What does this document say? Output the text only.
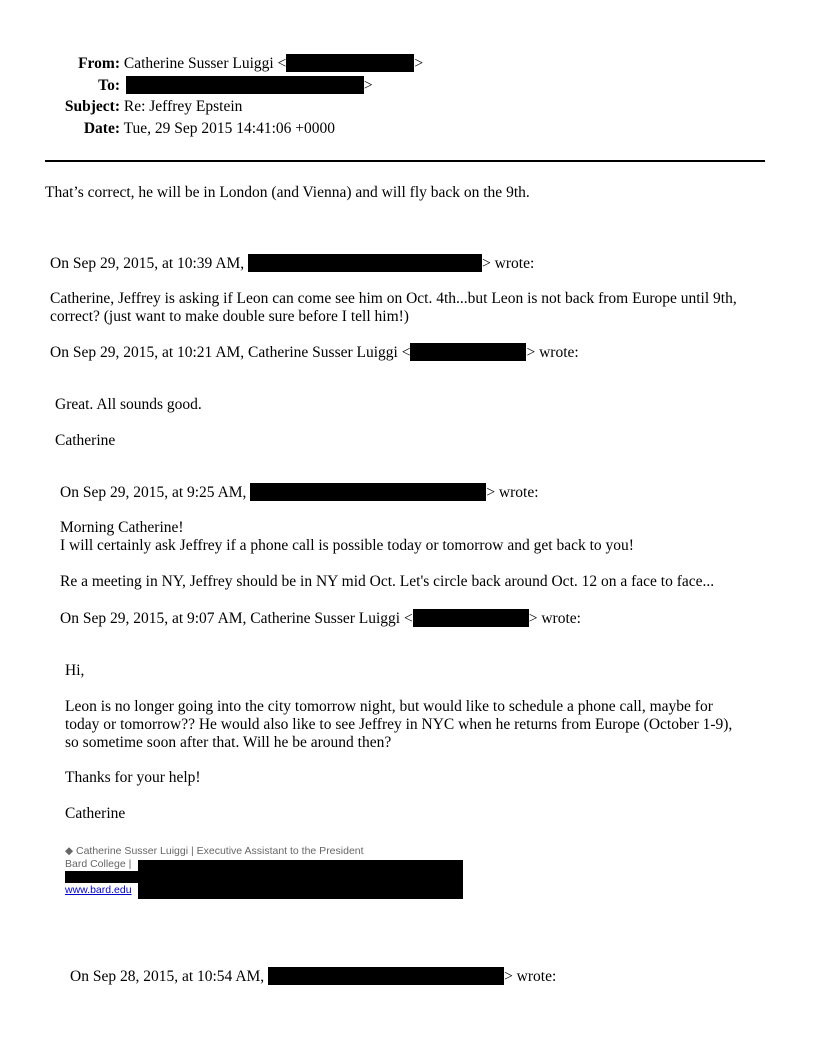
From: Catherine Susser Luiggi <	>
To:	>
Subject: Re: Jeffrey Epstein
Date: Tue, 29 Sep 2015 14:41:06 +0000
That’s correct, he will be in London (and Vienna) and will fly back on the 9th.
On Sep 29, 2015, at 10:39 AM,	> wrote:
Catherine, Jeffrey is asking if Leon can come see him on Oct. 4th...but Leon is not back from Europe until 9th, correct? (just want to make double sure before I tell him!)
On Sep 29, 2015, at 10:21 AM, Catherine Susser Luiggi <	> wrote:
Great. All sounds good.
Catherine
On Sep 29, 2015, at 9:25 AM,	> wrote:
Morning Catherine!
I will certainly ask Jeffrey if a phone call is possible today or tomorrow and get back to you!
Re a meeting in NY, Jeffrey should be in NY mid Oct. Let's circle back around Oct. 12 on a face to face...
On Sep 29, 2015, at 9:07 AM, Catherine Susser Luiggi <	> wrote:
Hi,
Leon is no longer going into the city tomorrow night, but would like to schedule a phone call, maybe for today or tomorrow?? He would also like to see Jeffrey in NYC when he returns from Europe (October 1-9), so sometime soon after that. Will he be around then?
Thanks for your help!
Catherine
◆ Catherine Susser Luiggi | Executive Assistant to the President
Bard College |
www.bard.edu
On Sep 28, 2015, at 10:54 AM,	> wrote:
